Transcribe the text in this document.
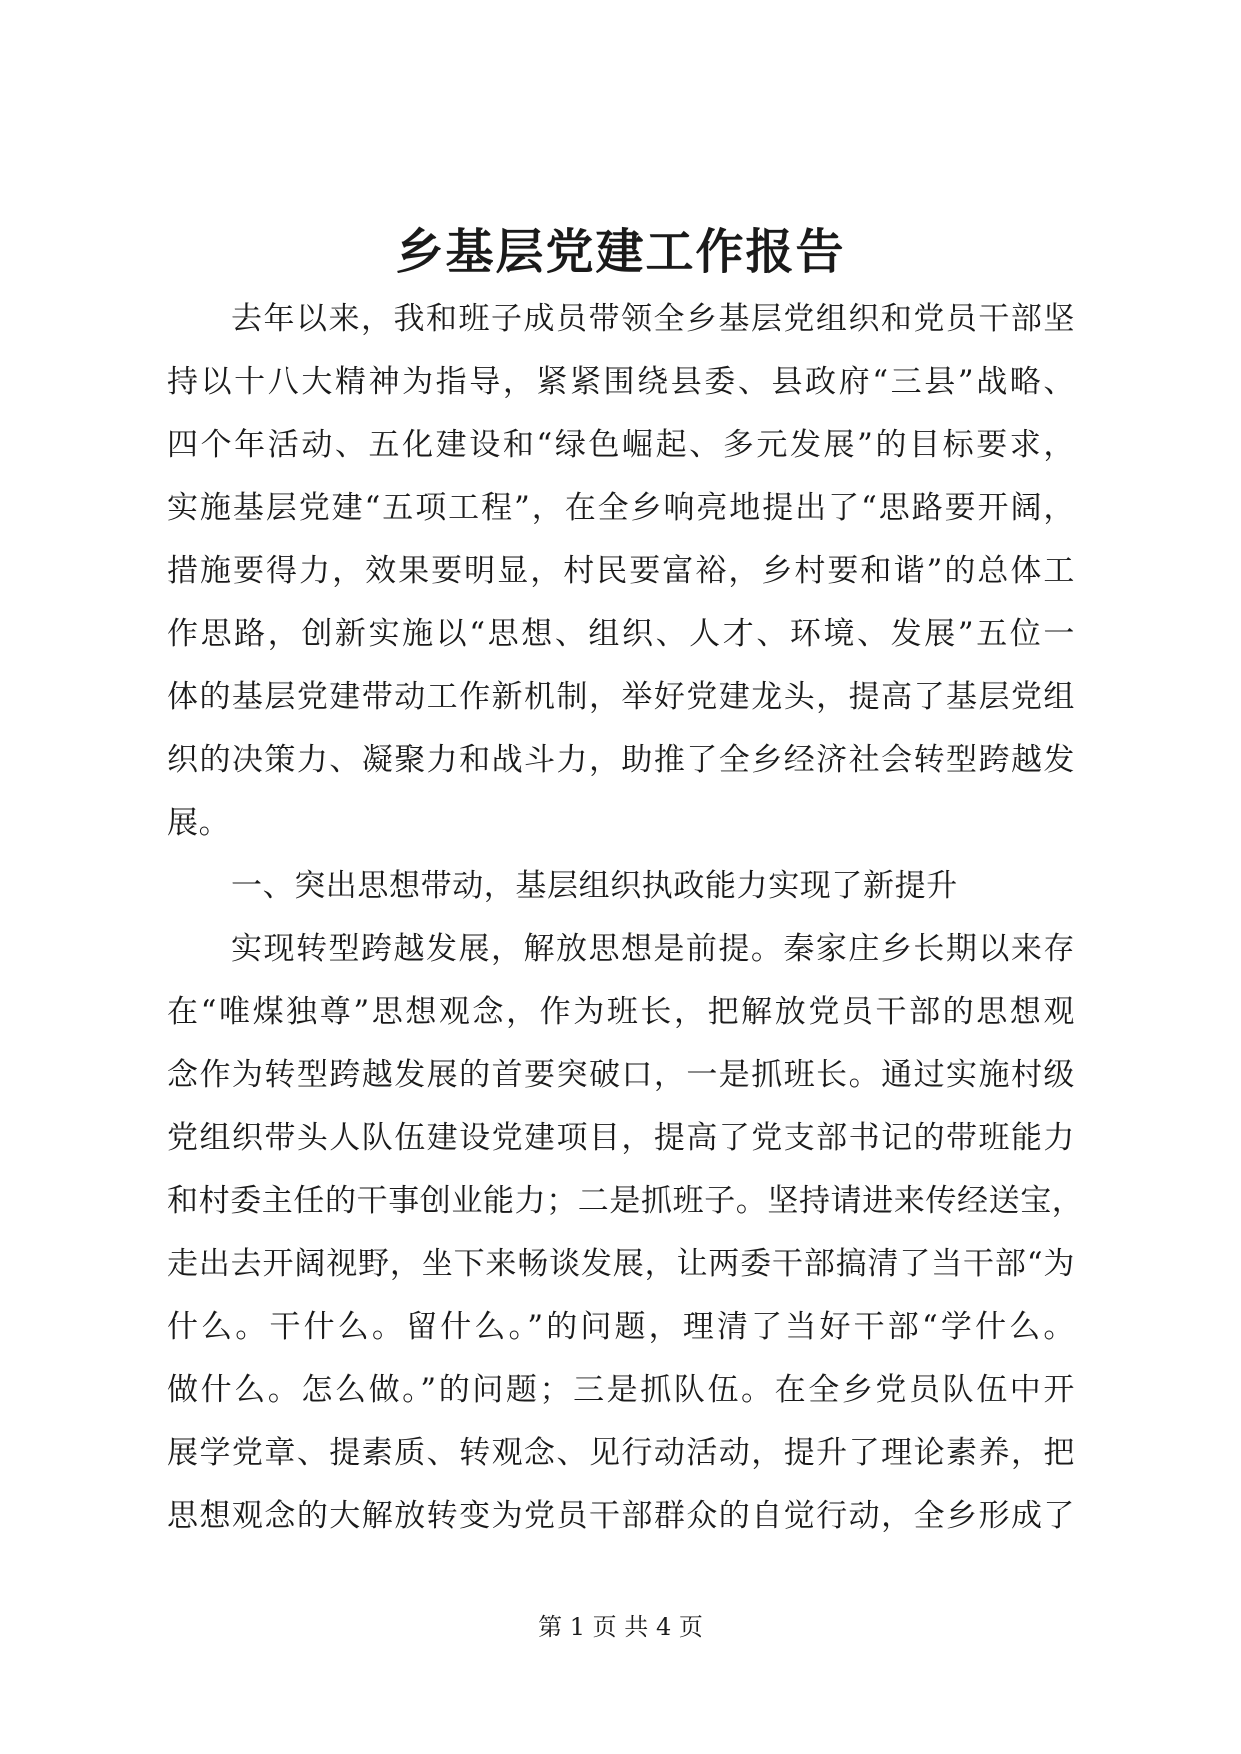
乡基层党建工作报告
去年以来，我和班子成员带领全乡基层党组织和党员干部坚
持以十八大精神为指导，紧紧围绕县委、县政府“三县”战略、
四个年活动、五化建设和“绿色崛起、多元发展”的目标要求，
实施基层党建“五项工程”，在全乡响亮地提出了“思路要开阔，
措施要得力，效果要明显，村民要富裕，乡村要和谐”的总体工
作思路，创新实施以“思想、组织、人才、环境、发展”五位一
体的基层党建带动工作新机制，举好党建龙头，提高了基层党组
织的决策力、凝聚力和战斗力，助推了全乡经济社会转型跨越发
展。
一、突出思想带动，基层组织执政能力实现了新提升
实现转型跨越发展，解放思想是前提。秦家庄乡长期以来存
在“唯煤独尊”思想观念，作为班长，把解放党员干部的思想观
念作为转型跨越发展的首要突破口，一是抓班长。通过实施村级
党组织带头人队伍建设党建项目，提高了党支部书记的带班能力
和村委主任的干事创业能力；二是抓班子。坚持请进来传经送宝，
走出去开阔视野，坐下来畅谈发展，让两委干部搞清了当干部“为
什么。干什么。留什么。”的问题，理清了当好干部“学什么。
做什么。怎么做。”的问题；三是抓队伍。在全乡党员队伍中开
展学党章、提素质、转观念、见行动活动，提升了理论素养，把
思想观念的大解放转变为党员干部群众的自觉行动，全乡形成了
第 1 页 共 4 页
